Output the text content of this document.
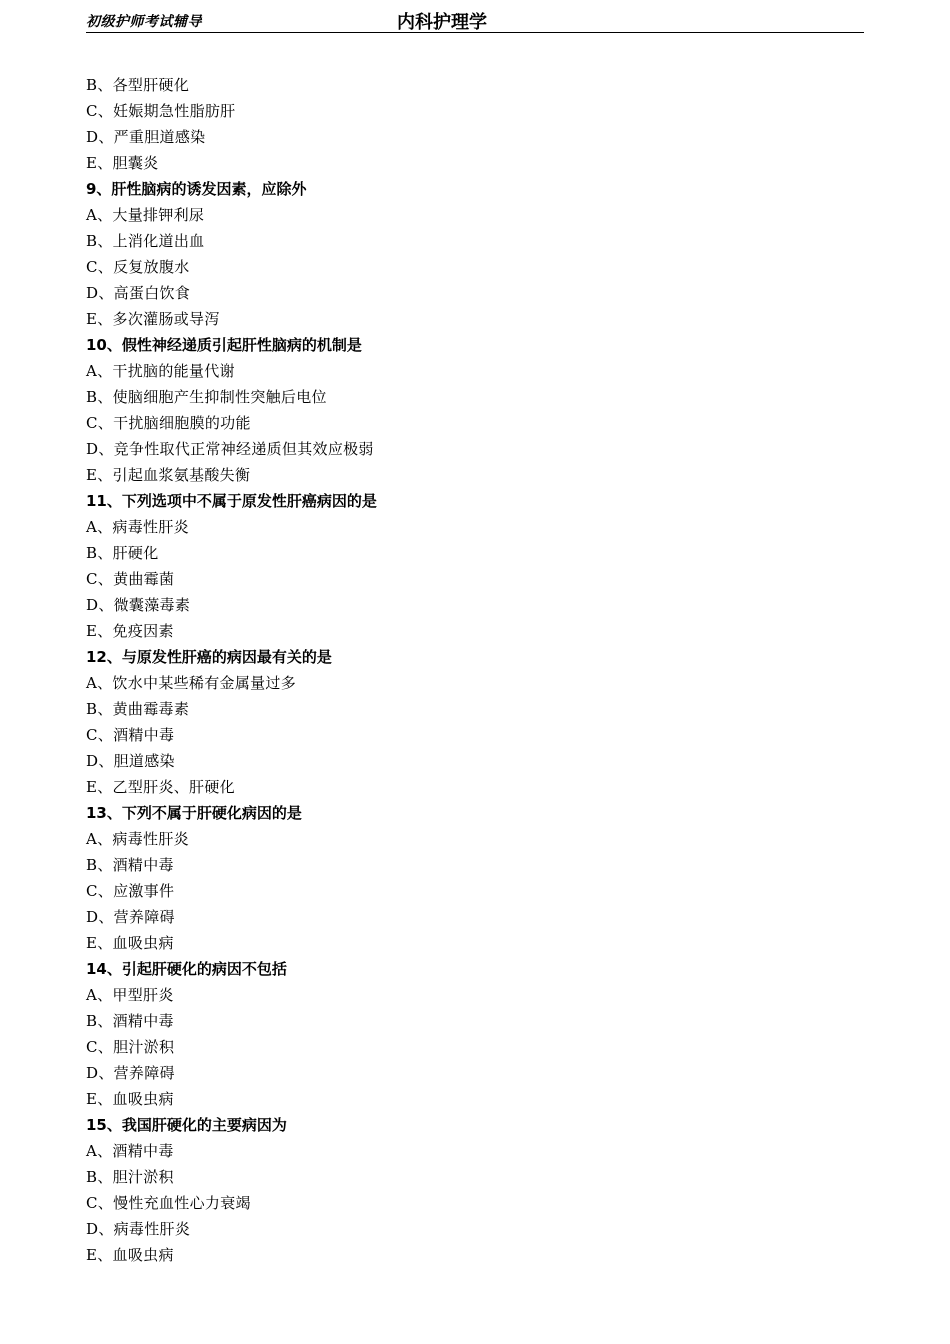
初级护师考试辅导	内科护理学
B、各型肝硬化
C、妊娠期急性脂肪肝
D、严重胆道感染
E、胆囊炎
9、肝性脑病的诱发因素，应除外
A、大量排钾利尿
B、上消化道出血
C、反复放腹水
D、高蛋白饮食
E、多次灌肠或导泻
10、假性神经递质引起肝性脑病的机制是
A、干扰脑的能量代谢
B、使脑细胞产生抑制性突触后电位
C、干扰脑细胞膜的功能
D、竞争性取代正常神经递质但其效应极弱
E、引起血浆氨基酸失衡
11、下列选项中不属于原发性肝癌病因的是
A、病毒性肝炎
B、肝硬化
C、黄曲霉菌
D、微囊藻毒素
E、免疫因素
12、与原发性肝癌的病因最有关的是
A、饮水中某些稀有金属量过多
B、黄曲霉毒素
C、酒精中毒
D、胆道感染
E、乙型肝炎、肝硬化
13、下列不属于肝硬化病因的是
A、病毒性肝炎
B、酒精中毒
C、应激事件
D、营养障碍
E、血吸虫病
14、引起肝硬化的病因不包括
A、甲型肝炎
B、酒精中毒
C、胆汁淤积
D、营养障碍
E、血吸虫病
15、我国肝硬化的主要病因为
A、酒精中毒
B、胆汁淤积
C、慢性充血性心力衰竭
D、病毒性肝炎
E、血吸虫病
